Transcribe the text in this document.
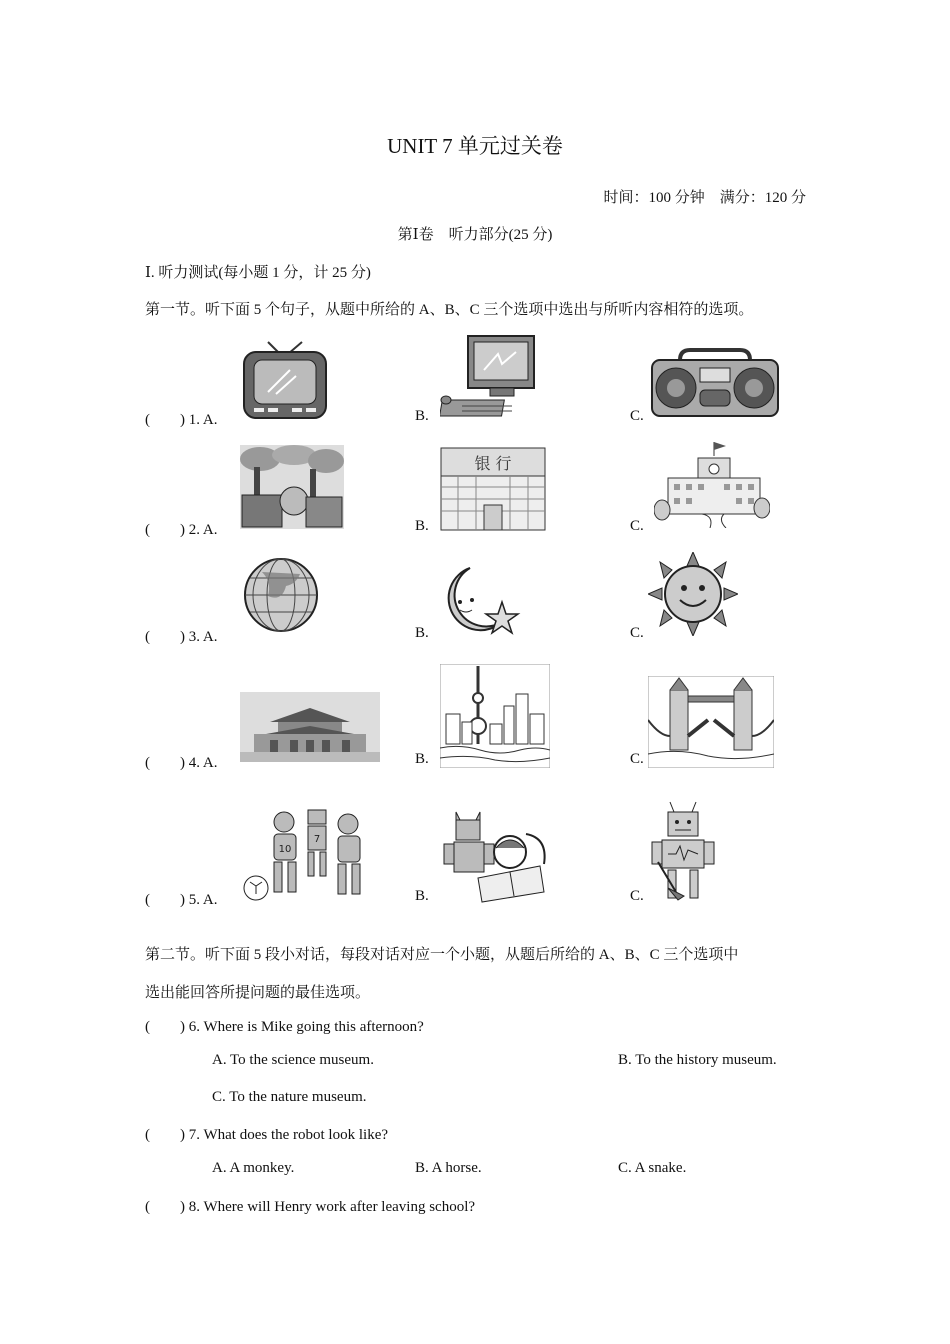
UNIT 7 单元过关卷
时间：100 分钟　满分：120 分
第Ⅰ卷　听力部分(25 分)
Ⅰ. 听力测试(每小题 1 分，计 25 分)
第一节。听下面 5 个句子，从题中所给的 A、B、C 三个选项中选出与所听内容相符的选项。
(　　) 1. A.	B.	C.
(　　) 2. A.	B.	C.
银 行
(　　) 3. A.	B.	C.
(　　) 4. A.	B.	C.
(　　) 5. A.	B.	C.
10
7
第二节。听下面 5 段小对话，每段对话对应一个小题，从题后所给的 A、B、C 三个选项中
选出能回答所提问题的最佳选项。
(　　) 6. Where is Mike going this afternoon?
A. To the science museum.	B. To the history museum.
C. To the nature museum.
(　　) 7. What does the robot look like?
A. A monkey.	B. A horse.	C. A snake.
(　　) 8. Where will Henry work after leaving school?
